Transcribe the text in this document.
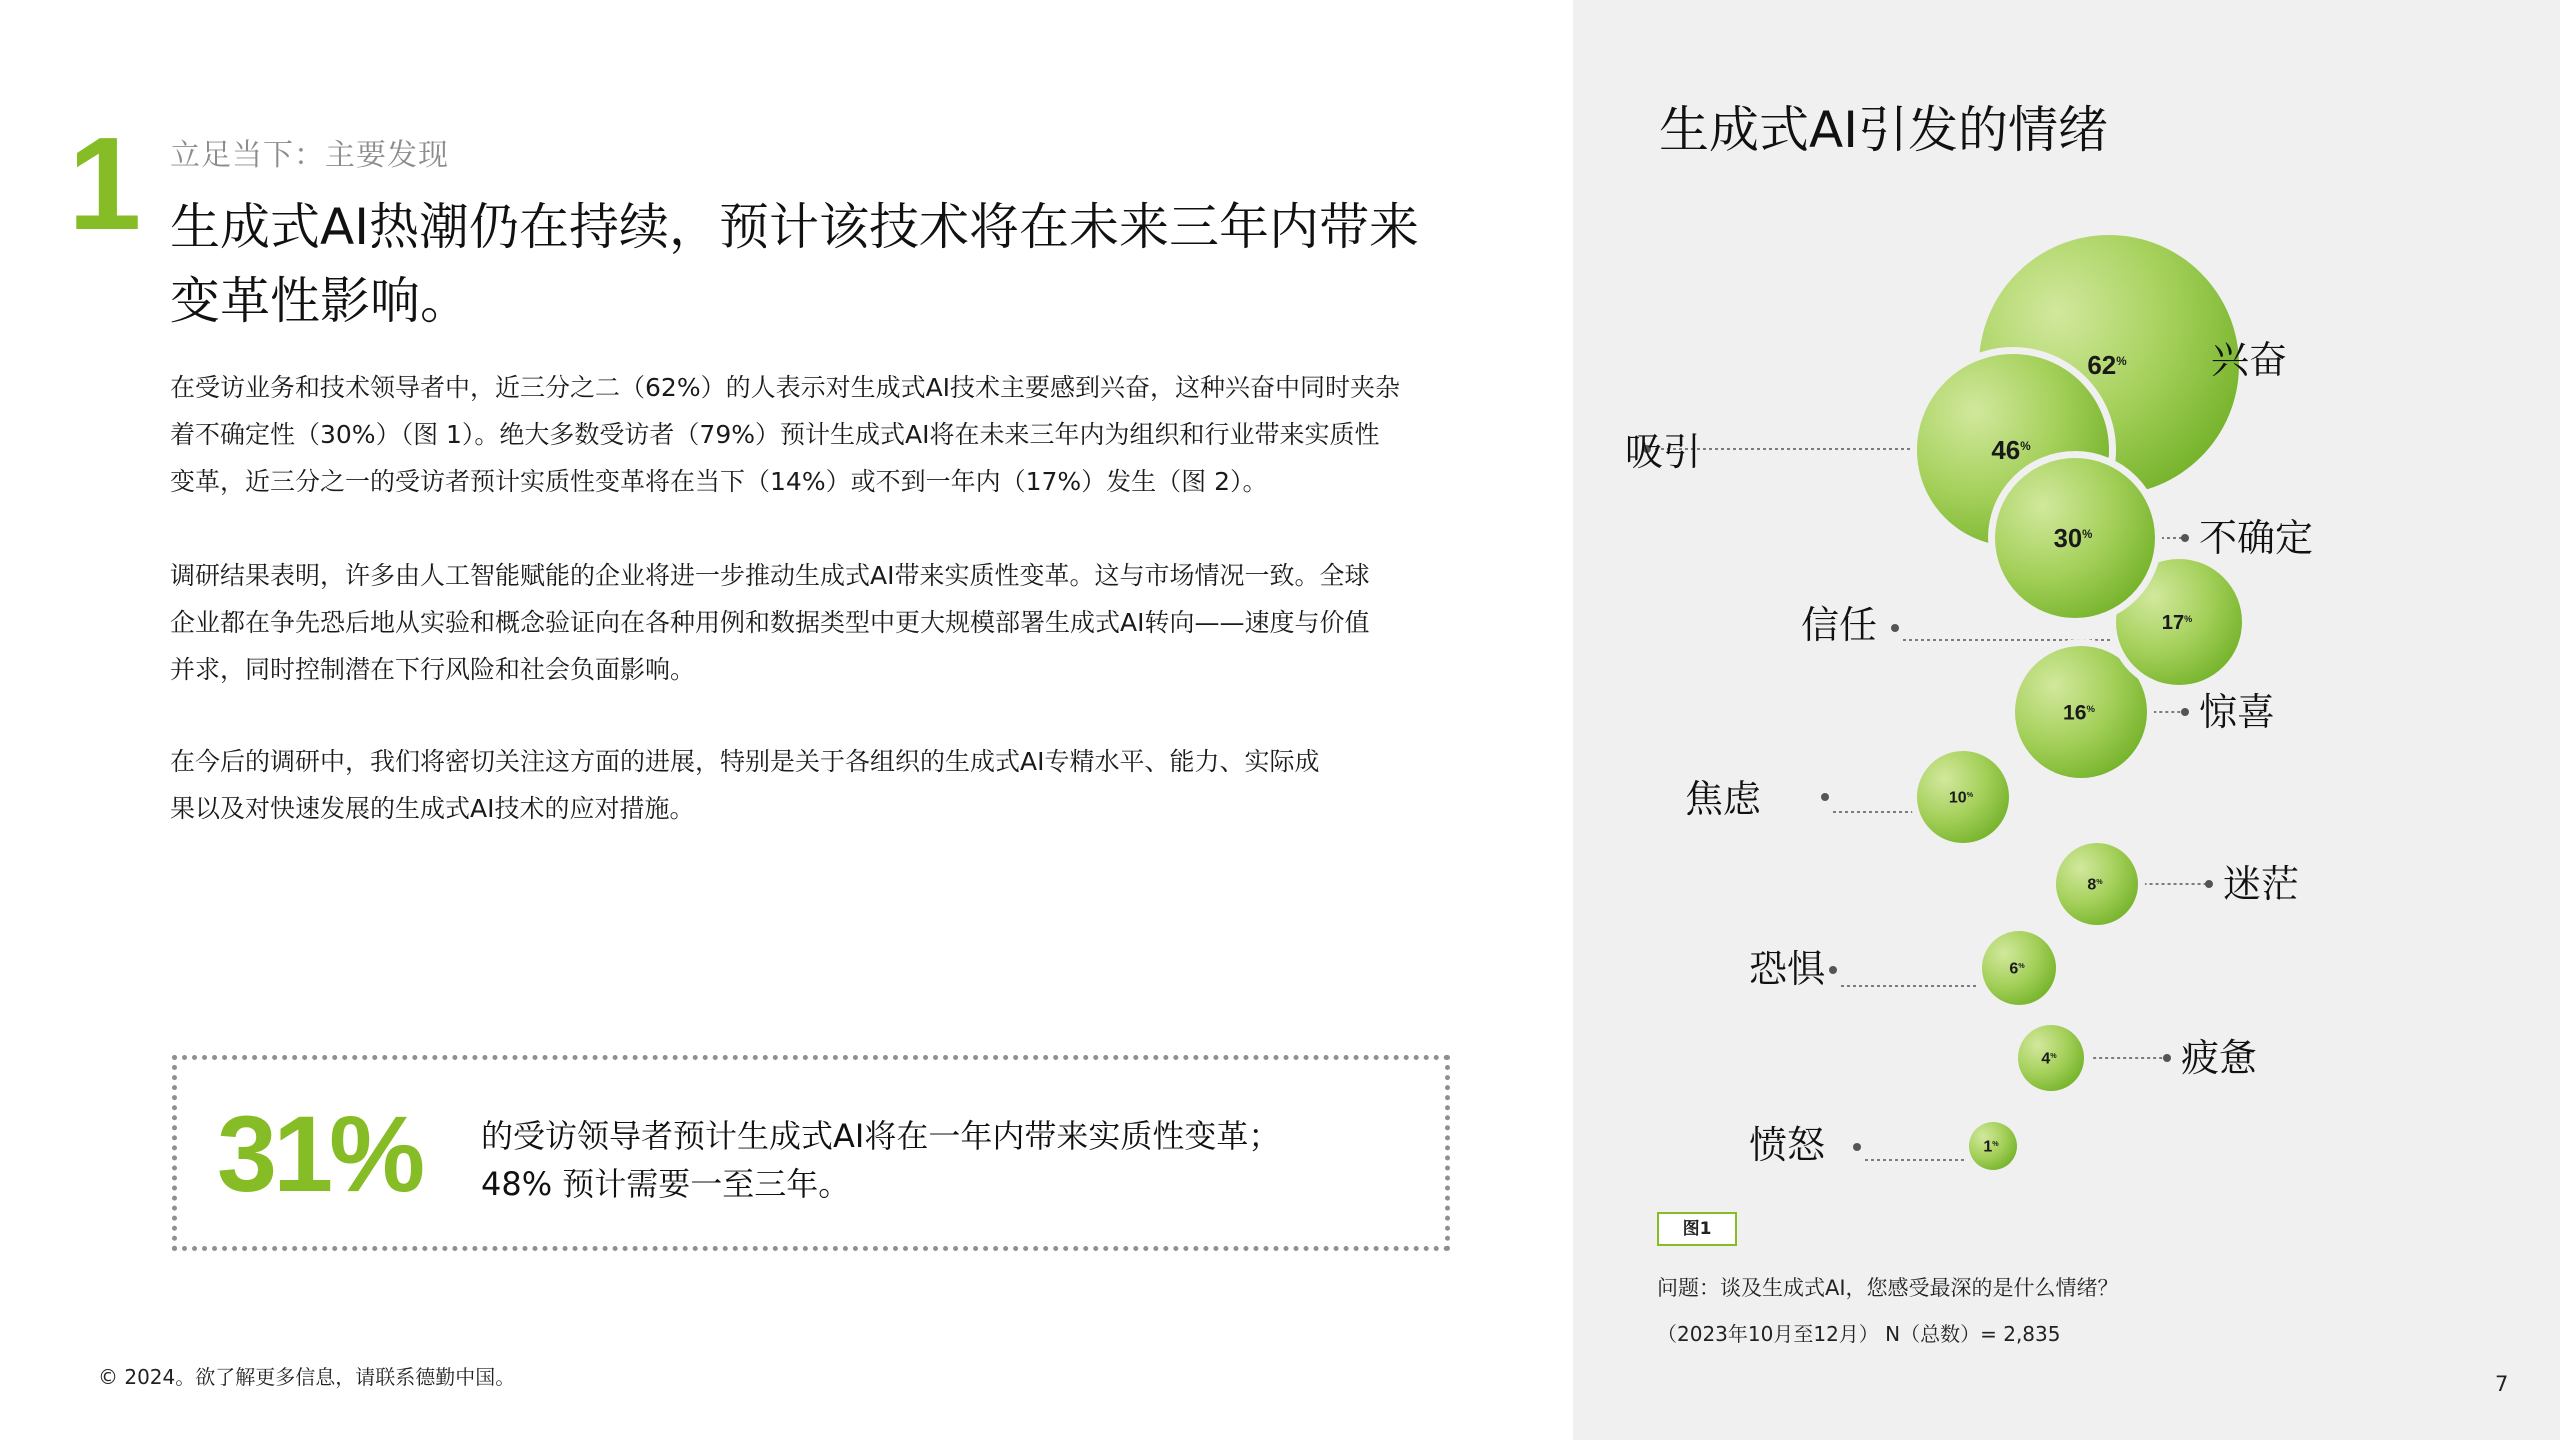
1 立足当下：主要发现
生成式AI热潮仍在持续，预计该技术将在未来三年内带来
变革性影响。
在受访业务和技术领导者中，近三分之二（62%）的人表示对生成式AI技术主要感到兴奋，这种兴奋中同时夹杂
着不确定性（30%）（图 1）。绝大多数受访者（79%）预计生成式AI将在未来三年内为组织和行业带来实质性
变革，近三分之一的受访者预计实质性变革将在当下（14%）或不到一年内（17%）发生（图 2）。
调研结果表明，许多由人工智能赋能的企业将进一步推动生成式AI带来实质性变革。这与市场情况一致。全球
企业都在争先恐后地从实验和概念验证向在各种用例和数据类型中更大规模部署生成式AI转向——速度与价值
并求，同时控制潜在下行风险和社会负面影响。
在今后的调研中，我们将密切关注这方面的进展，特别是关于各组织的生成式AI专精水平、能力、实际成
果以及对快速发展的生成式AI技术的应对措施。
31% 的受访领导者预计生成式AI将在一年内带来实质性变革；
48% 预计需要一至三年。
© 2024。欲了解更多信息，请联系德勤中国。
生成式AI引发的情绪
1%
4%
6%
8%
10%
16%
17%
62%
46%
30%
兴奋
吸引
不确定
信任
惊喜
焦虑
迷茫
恐惧
疲惫
愤怒
图1
问题：谈及生成式AI，您感受最深的是什么情绪？
（2023年10月至12月） N（总数）= 2,835
7
